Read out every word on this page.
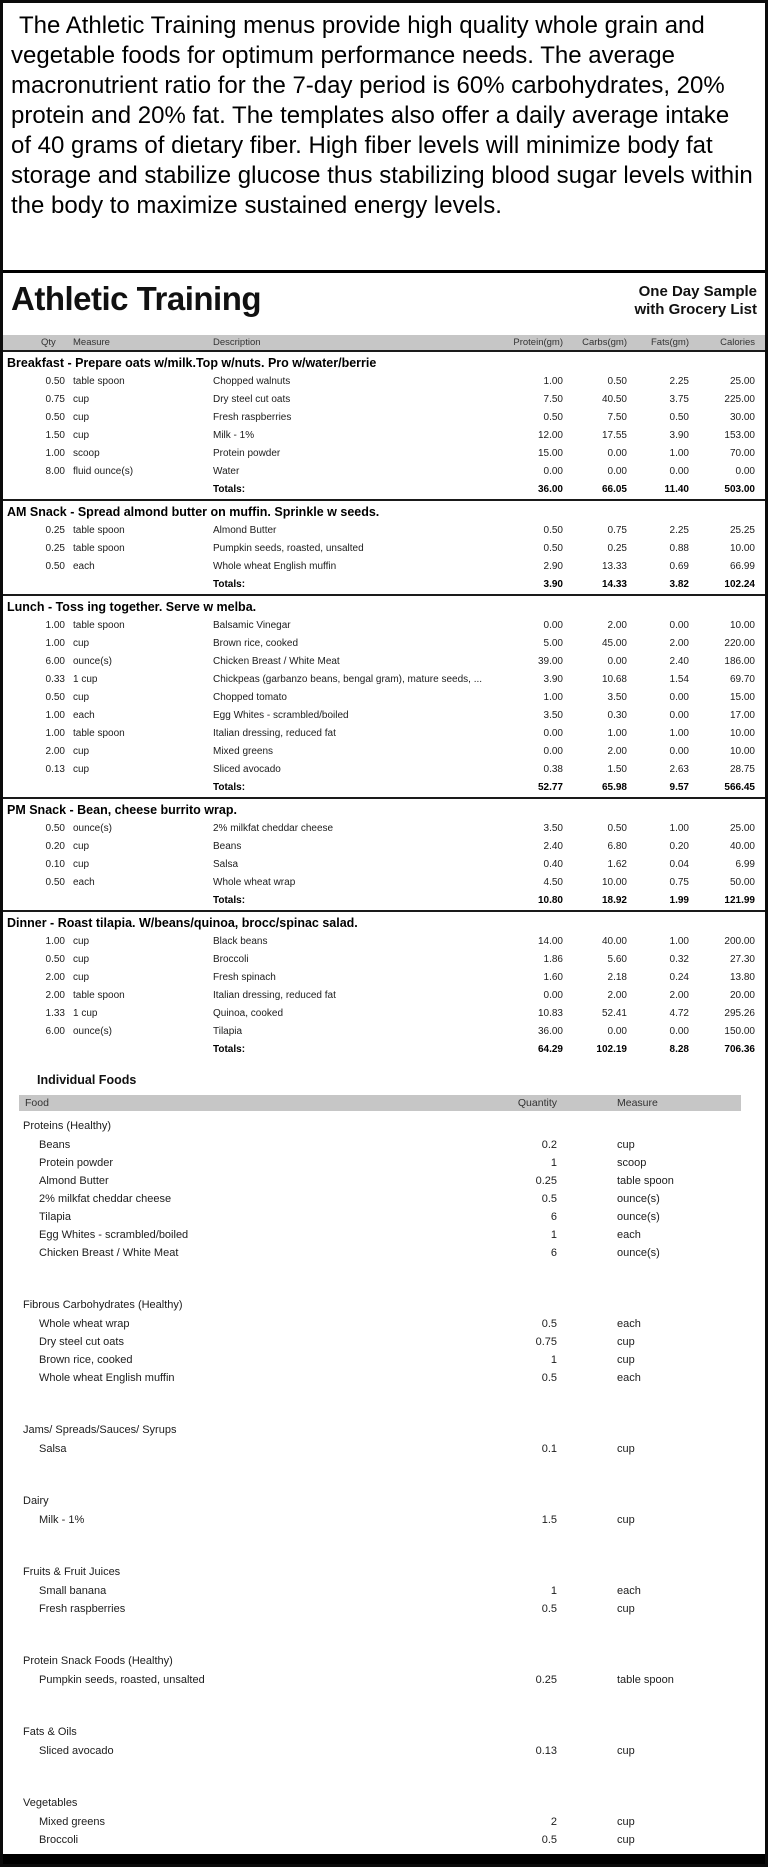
The Athletic Training menus provide high quality whole grain and vegetable foods for optimum performance needs. The average macronutrient ratio for the 7-day period is 60% carbohydrates, 20% protein and 20% fat. The templates also offer a daily average intake of 40 grams of dietary fiber. High fiber levels will minimize body fat storage and stabilize glucose thus stabilizing blood sugar levels within the body to maximize sustained energy levels.
Athletic Training	One Day Sample
with Grocery List
Qty	Measure	Description	Protein(gm)	Carbs(gm)	Fats(gm)	Calories
Breakfast - Prepare oats w/milk.Top w/nuts. Pro w/water/berrie
0.50 table spoon	Chopped walnuts	1.00	0.50	2.25	25.00
0.75 cup	Dry steel cut oats	7.50	40.50	3.75	225.00
0.50 cup	Fresh raspberries	0.50	7.50	0.50	30.00
1.50 cup	Milk - 1%	12.00	17.55	3.90	153.00
1.00 scoop	Protein powder	15.00	0.00	1.00	70.00
8.00 fluid ounce(s)	Water	0.00	0.00	0.00	0.00
Totals:	36.00	66.05	11.40	503.00
AM Snack - Spread almond butter on muffin. Sprinkle w seeds.
0.25 table spoon	Almond Butter	0.50	0.75	2.25	25.25
0.25 table spoon	Pumpkin seeds, roasted, unsalted	0.50	0.25	0.88	10.00
0.50 each	Whole wheat English muffin	2.90	13.33	0.69	66.99
Totals:	3.90	14.33	3.82	102.24
Lunch - Toss ing together. Serve w melba.
1.00 table spoon	Balsamic Vinegar	0.00	2.00	0.00	10.00
1.00 cup	Brown rice, cooked	5.00	45.00	2.00	220.00
6.00 ounce(s)	Chicken Breast / White Meat	39.00	0.00	2.40	186.00
0.33 1 cup	Chickpeas (garbanzo beans, bengal gram), mature seeds, ...	3.90	10.68	1.54	69.70
0.50 cup	Chopped tomato	1.00	3.50	0.00	15.00
1.00 each	Egg Whites - scrambled/boiled	3.50	0.30	0.00	17.00
1.00 table spoon	Italian dressing, reduced fat	0.00	1.00	1.00	10.00
2.00 cup	Mixed greens	0.00	2.00	0.00	10.00
0.13 cup	Sliced avocado	0.38	1.50	2.63	28.75
Totals:	52.77	65.98	9.57	566.45
PM Snack - Bean, cheese burrito wrap.
0.50 ounce(s)	2% milkfat cheddar cheese	3.50	0.50	1.00	25.00
0.20 cup	Beans	2.40	6.80	0.20	40.00
0.10 cup	Salsa	0.40	1.62	0.04	6.99
0.50 each	Whole wheat wrap	4.50	10.00	0.75	50.00
Totals:	10.80	18.92	1.99	121.99
Dinner - Roast tilapia. W/beans/quinoa, brocc/spinac salad.
1.00 cup	Black beans	14.00	40.00	1.00	200.00
0.50 cup	Broccoli	1.86	5.60	0.32	27.30
2.00 cup	Fresh spinach	1.60	2.18	0.24	13.80
2.00 table spoon	Italian dressing, reduced fat	0.00	2.00	2.00	20.00
1.33 1 cup	Quinoa, cooked	10.83	52.41	4.72	295.26
6.00 ounce(s)	Tilapia	36.00	0.00	0.00	150.00
Totals:	64.29	102.19	8.28	706.36
Individual Foods
Food	Quantity	Measure
Proteins (Healthy)
Beans	0.2	cup
Protein powder	1	scoop
Almond Butter	0.25	table spoon
2% milkfat cheddar cheese	0.5	ounce(s)
Tilapia	6	ounce(s)
Egg Whites - scrambled/boiled	1	each
Chicken Breast / White Meat	6	ounce(s)
Fibrous Carbohydrates (Healthy)
Whole wheat wrap	0.5	each
Dry steel cut oats	0.75	cup
Brown rice, cooked	1	cup
Whole wheat English muffin	0.5	each
Jams/ Spreads/Sauces/ Syrups
Salsa	0.1	cup
Dairy
Milk - 1%	1.5	cup
Fruits & Fruit Juices
Small banana	1	each
Fresh raspberries	0.5	cup
Protein Snack Foods (Healthy)
Pumpkin seeds, roasted, unsalted	0.25	table spoon
Fats & Oils
Sliced avocado	0.13	cup
Vegetables
Mixed greens	2	cup
Broccoli	0.5	cup
